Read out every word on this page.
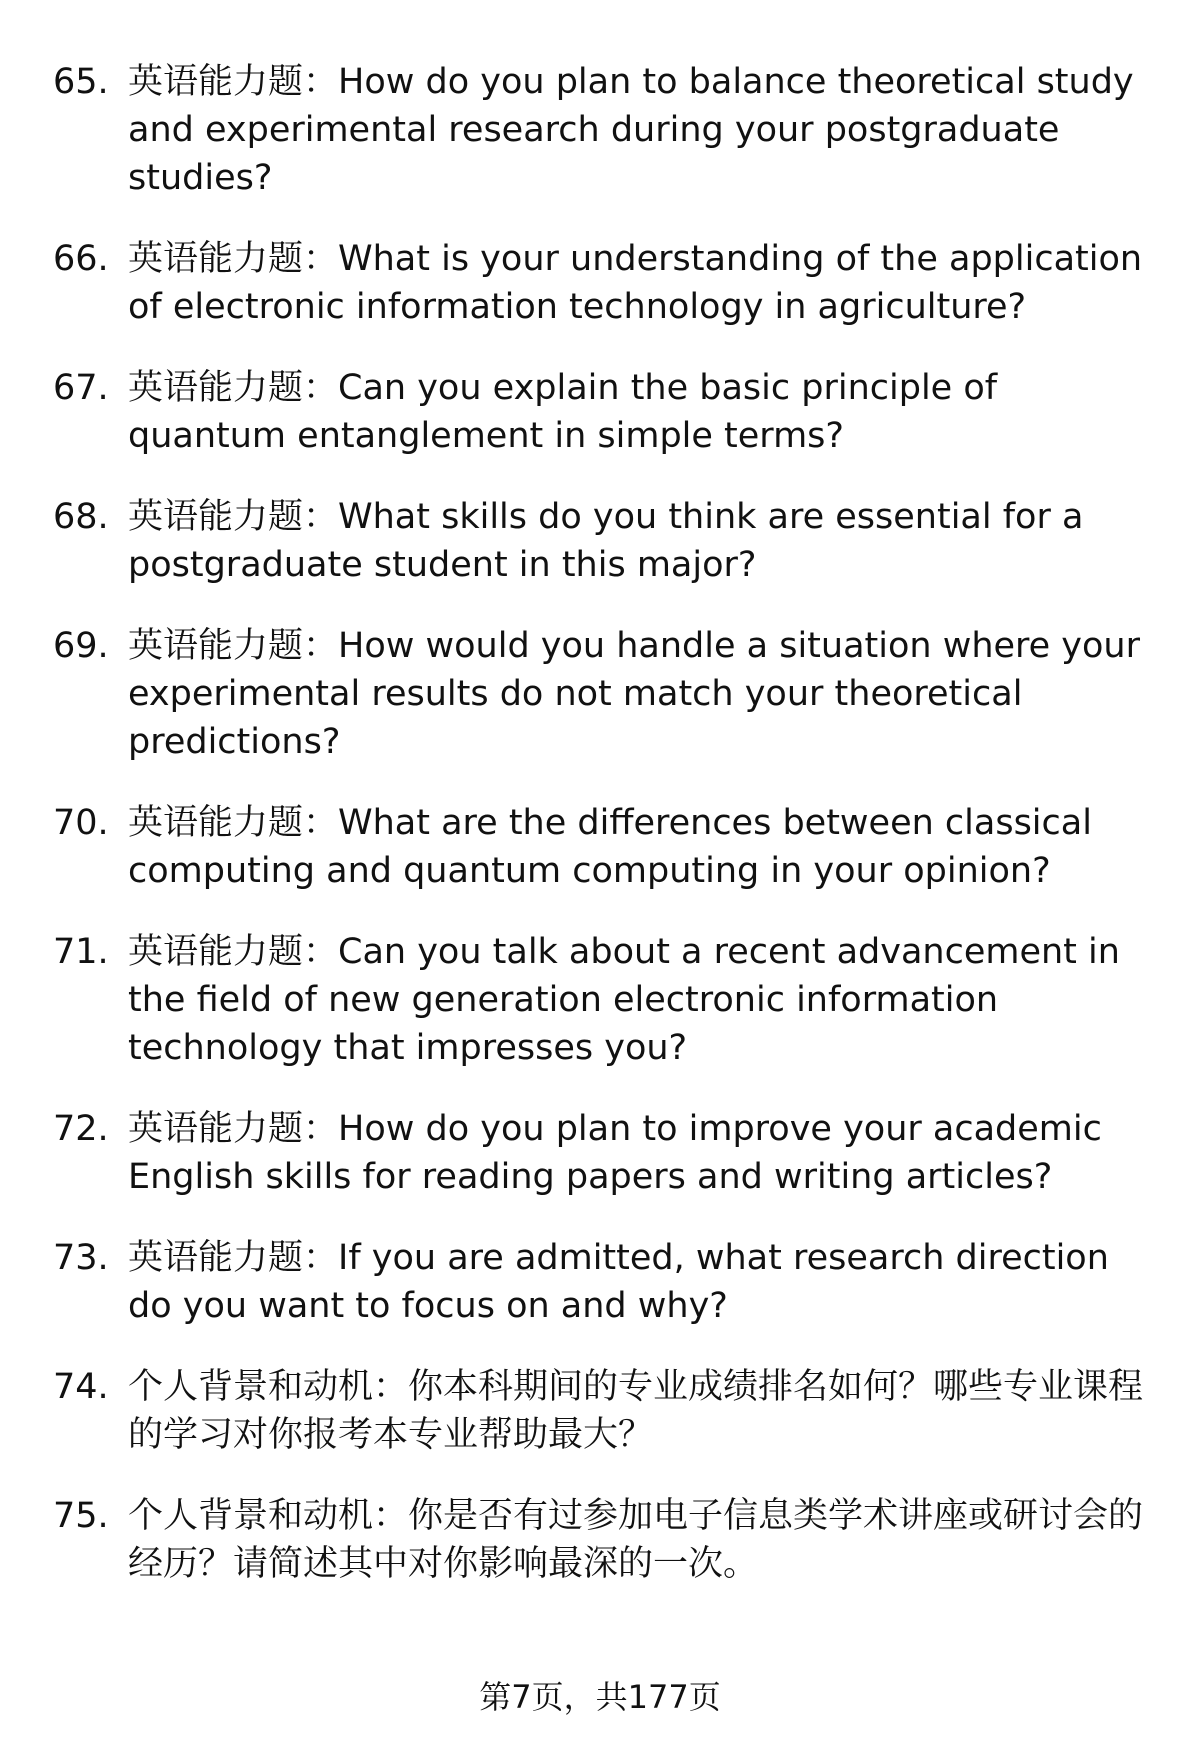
65. 英语能力题：How do you plan to balance theoretical study and experimental research during your postgraduate studies?
66. 英语能力题：What is your understanding of the application of electronic information technology in agriculture?
67. 英语能力题：Can you explain the basic principle of quantum entanglement in simple terms?
68. 英语能力题：What skills do you think are essential for a postgraduate student in this major?
69. 英语能力题：How would you handle a situation where your experimental results do not match your theoretical predictions?
70. 英语能力题：What are the differences between classical computing and quantum computing in your opinion?
71. 英语能力题：Can you talk about a recent advancement in the field of new generation electronic information technology that impresses you?
72. 英语能力题：How do you plan to improve your academic English skills for reading papers and writing articles?
73. 英语能力题：If you are admitted, what research direction do you want to focus on and why?
74. 个人背景和动机：你本科期间的专业成绩排名如何？哪些专业课程的学习对你报考本专业帮助最大？
75. 个人背景和动机：你是否有过参加电子信息类学术讲座或研讨会的经历？请简述其中对你影响最深的一次。
第7页，共177页
